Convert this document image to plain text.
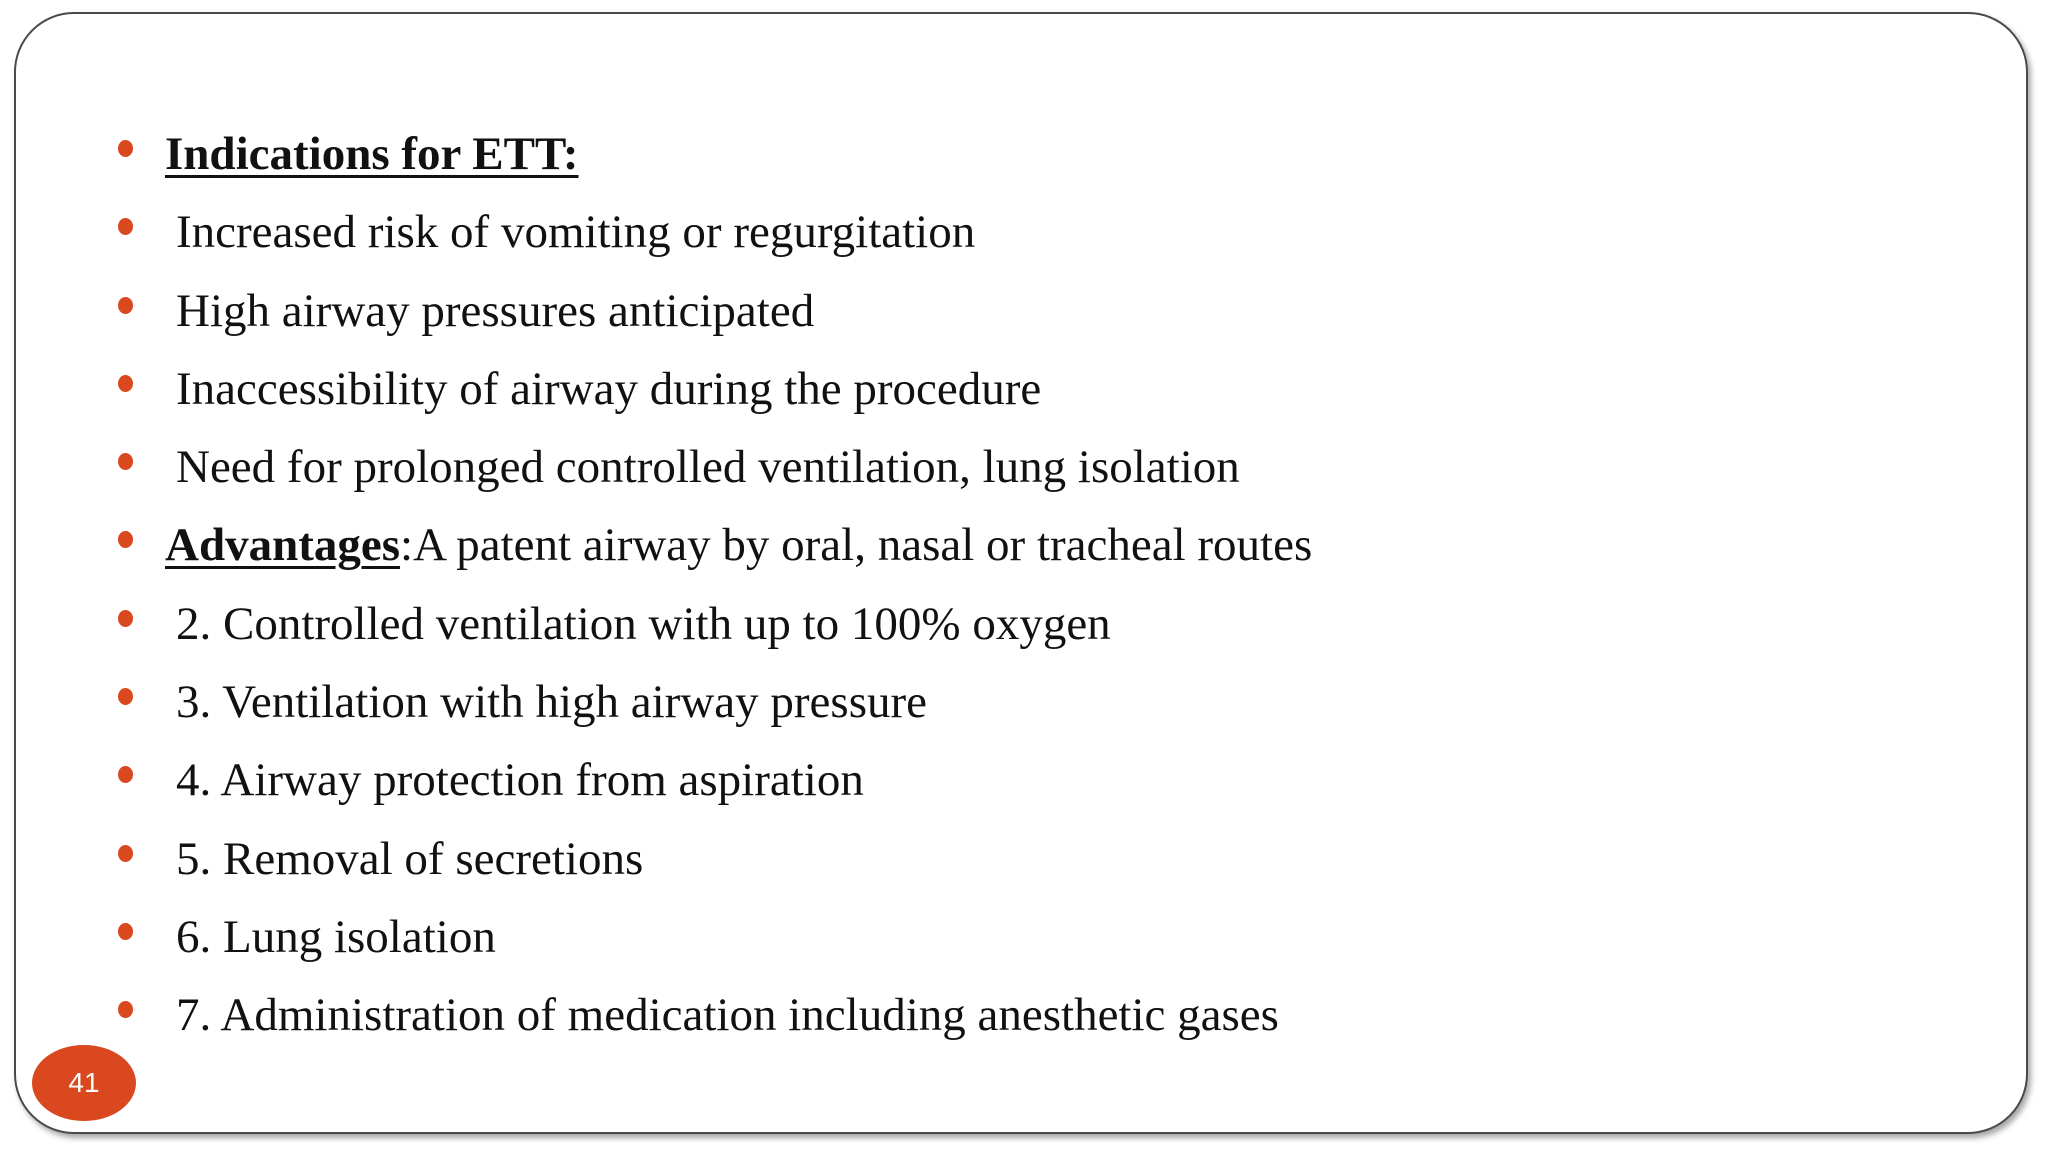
Indications for ETT:
Increased risk of vomiting or regurgitation
High airway pressures anticipated
Inaccessibility of airway during the procedure
Need for prolonged controlled ventilation, lung isolation
Advantages:A patent airway by oral, nasal or tracheal routes
2. Controlled ventilation with up to 100% oxygen
3. Ventilation with high airway pressure
4. Airway protection from aspiration
5. Removal of secretions
6. Lung isolation
7. Administration of medication including anesthetic gases
41
